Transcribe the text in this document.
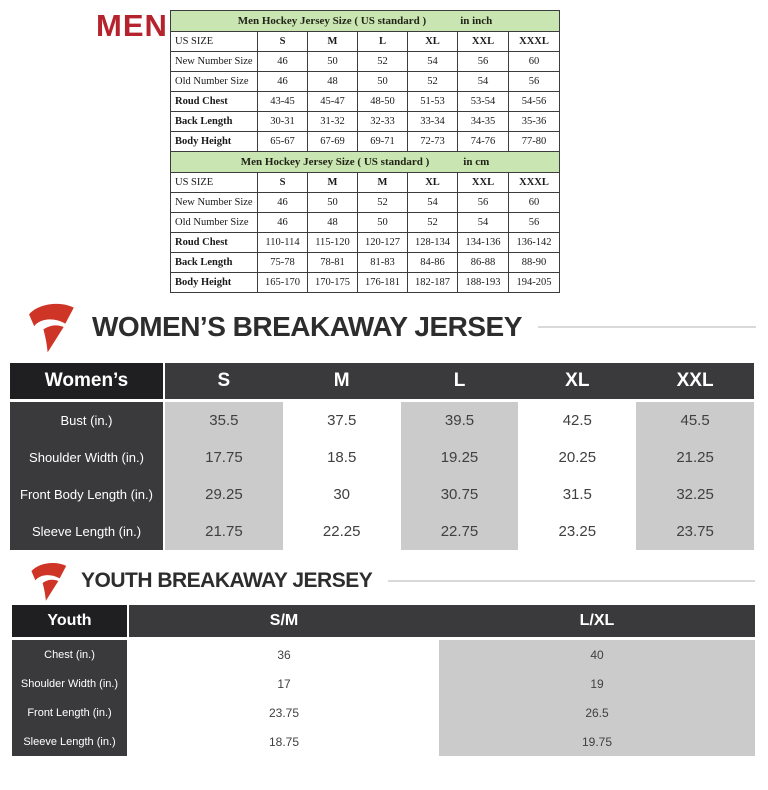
MEN	Men Hockey Jersey Size ( US standard ) in inch						
US SIZE	S	M	L	XL	XXL	XXXL
New Number Size	46	50	52	54	56	60
Old Number Size	46	48	50	52	54	56
Roud Chest	43-45	45-47	48-50	51-53	53-54	54-56
Back Length	30-31	31-32	32-33	33-34	34-35	35-36
Body Height	65-67	67-69	69-71	72-73	74-76	77-80
Men Hockey Jersey Size ( US standard ) in cm						
US SIZE	S	M	M	XL	XXL	XXXL
New Number Size	46	50	52	54	56	60
Old Number Size	46	48	50	52	54	56
Roud Chest	110-114	115-120	120-127	128-134	134-136	136-142
Back Length	75-78	78-81	81-83	84-86	86-88	88-90
Body Height	165-170	170-175	176-181	182-187	188-193	194-205
WOMEN’S BREAKAWAY JERSEY
Women’s	S	M	L	XL	XXL
Bust (in.)	35.5	37.5	39.5	42.5	45.5
Shoulder Width (in.)	17.75	18.5	19.25	20.25	21.25
Front Body Length (in.)	29.25	30	30.75	31.5	32.25
Sleeve Length (in.)	21.75	22.25	22.75	23.25	23.75
YOUTH BREAKAWAY JERSEY
Youth	S/M	L/XL
Chest (in.)	36	40
Shoulder Width (in.)	17	19
Front Length (in.)	23.75	26.5
Sleeve Length (in.)	18.75	19.75
